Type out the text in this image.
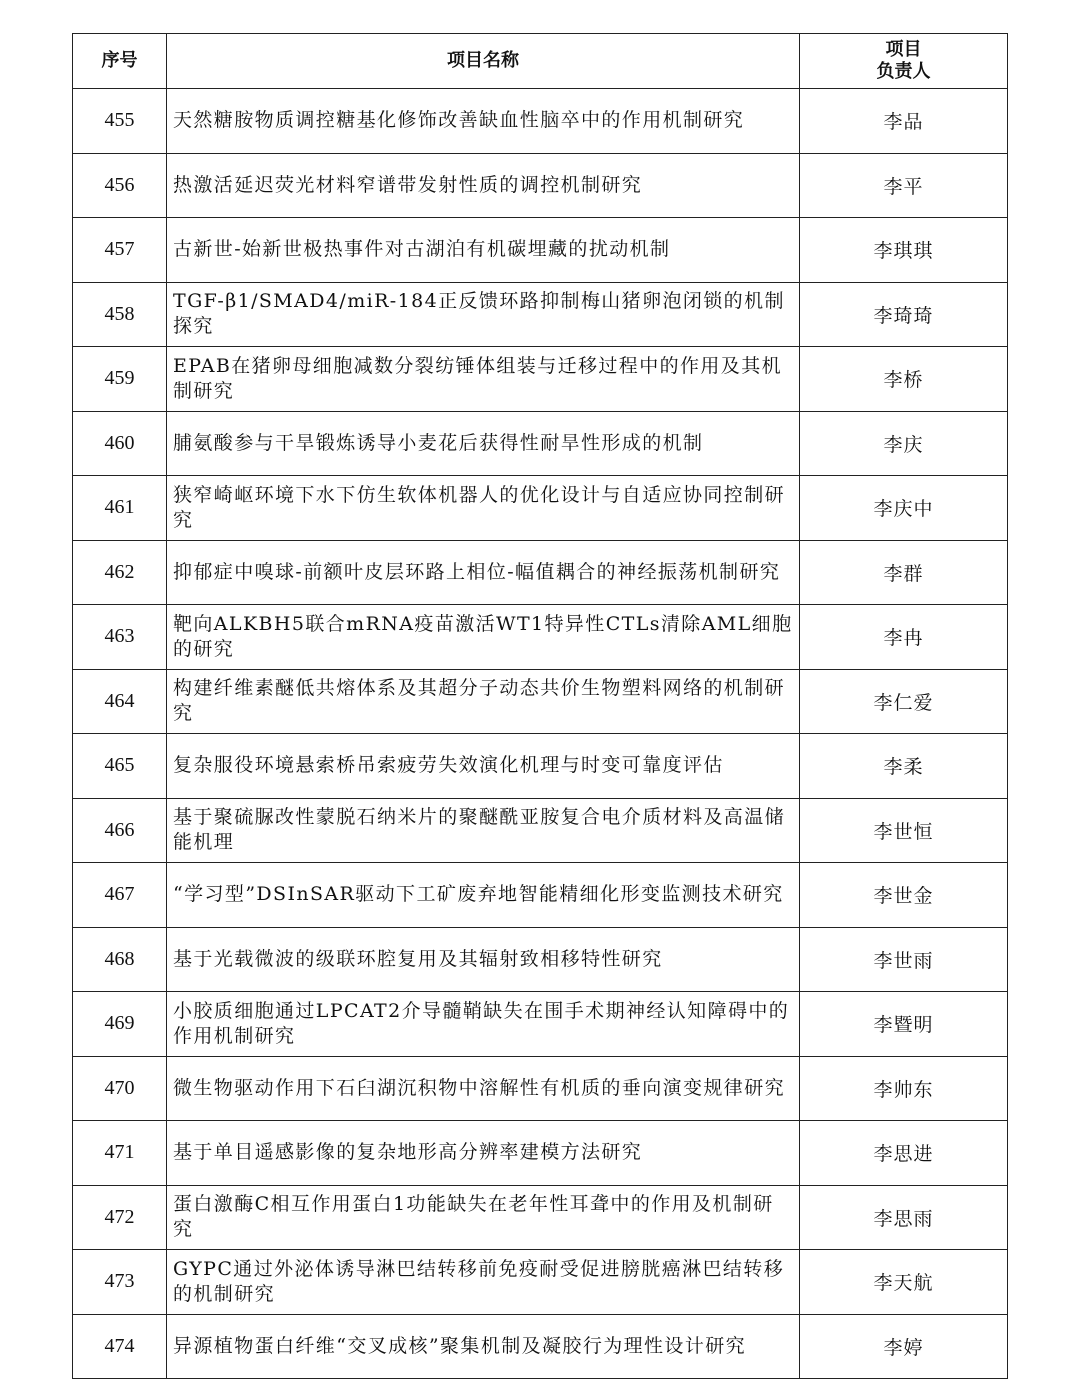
序号	项目名称	项目
负责人

455	天然糖胺物质调控糖基化修饰改善缺血性脑卒中的作用机制研究	李品
456	热激活延迟荧光材料窄谱带发射性质的调控机制研究	李平
457	古新世-始新世极热事件对古湖泊有机碳埋藏的扰动机制	李琪琪
458	TGF-β1/SMAD4/miR-184正反馈环路抑制梅山猪卵泡闭锁的机制探究	李琦琦
459	EPAB在猪卵母细胞减数分裂纺锤体组装与迁移过程中的作用及其机制研究	李桥
460	脯氨酸参与干旱锻炼诱导小麦花后获得性耐旱性形成的机制	李庆
461	狭窄崎岖环境下水下仿生软体机器人的优化设计与自适应协同控制研究	李庆中
462	抑郁症中嗅球-前额叶皮层环路上相位-幅值耦合的神经振荡机制研究	李群
463	靶向ALKBH5联合mRNA疫苗激活WT1特异性CTLs清除AML细胞的研究	李冉
464	构建纤维素醚低共熔体系及其超分子动态共价生物塑料网络的机制研究	李仁爱
465	复杂服役环境悬索桥吊索疲劳失效演化机理与时变可靠度评估	李柔
466	基于聚硫脲改性蒙脱石纳米片的聚醚酰亚胺复合电介质材料及高温储能机理	李世恒
467	“学习型”DSInSAR驱动下工矿废弃地智能精细化形变监测技术研究	李世金
468	基于光载微波的级联环腔复用及其辐射致相移特性研究	李世雨
469	小胶质细胞通过LPCAT2介导髓鞘缺失在围手术期神经认知障碍中的作用机制研究	李暨明
470	微生物驱动作用下石臼湖沉积物中溶解性有机质的垂向演变规律研究	李帅东
471	基于单目遥感影像的复杂地形高分辨率建模方法研究	李思进
472	蛋白激酶C相互作用蛋白1功能缺失在老年性耳聋中的作用及机制研究	李思雨
473	GYPC通过外泌体诱导淋巴结转移前免疫耐受促进膀胱癌淋巴结转移的机制研究	李天航
474	异源植物蛋白纤维“交叉成核”聚集机制及凝胶行为理性设计研究	李婷
